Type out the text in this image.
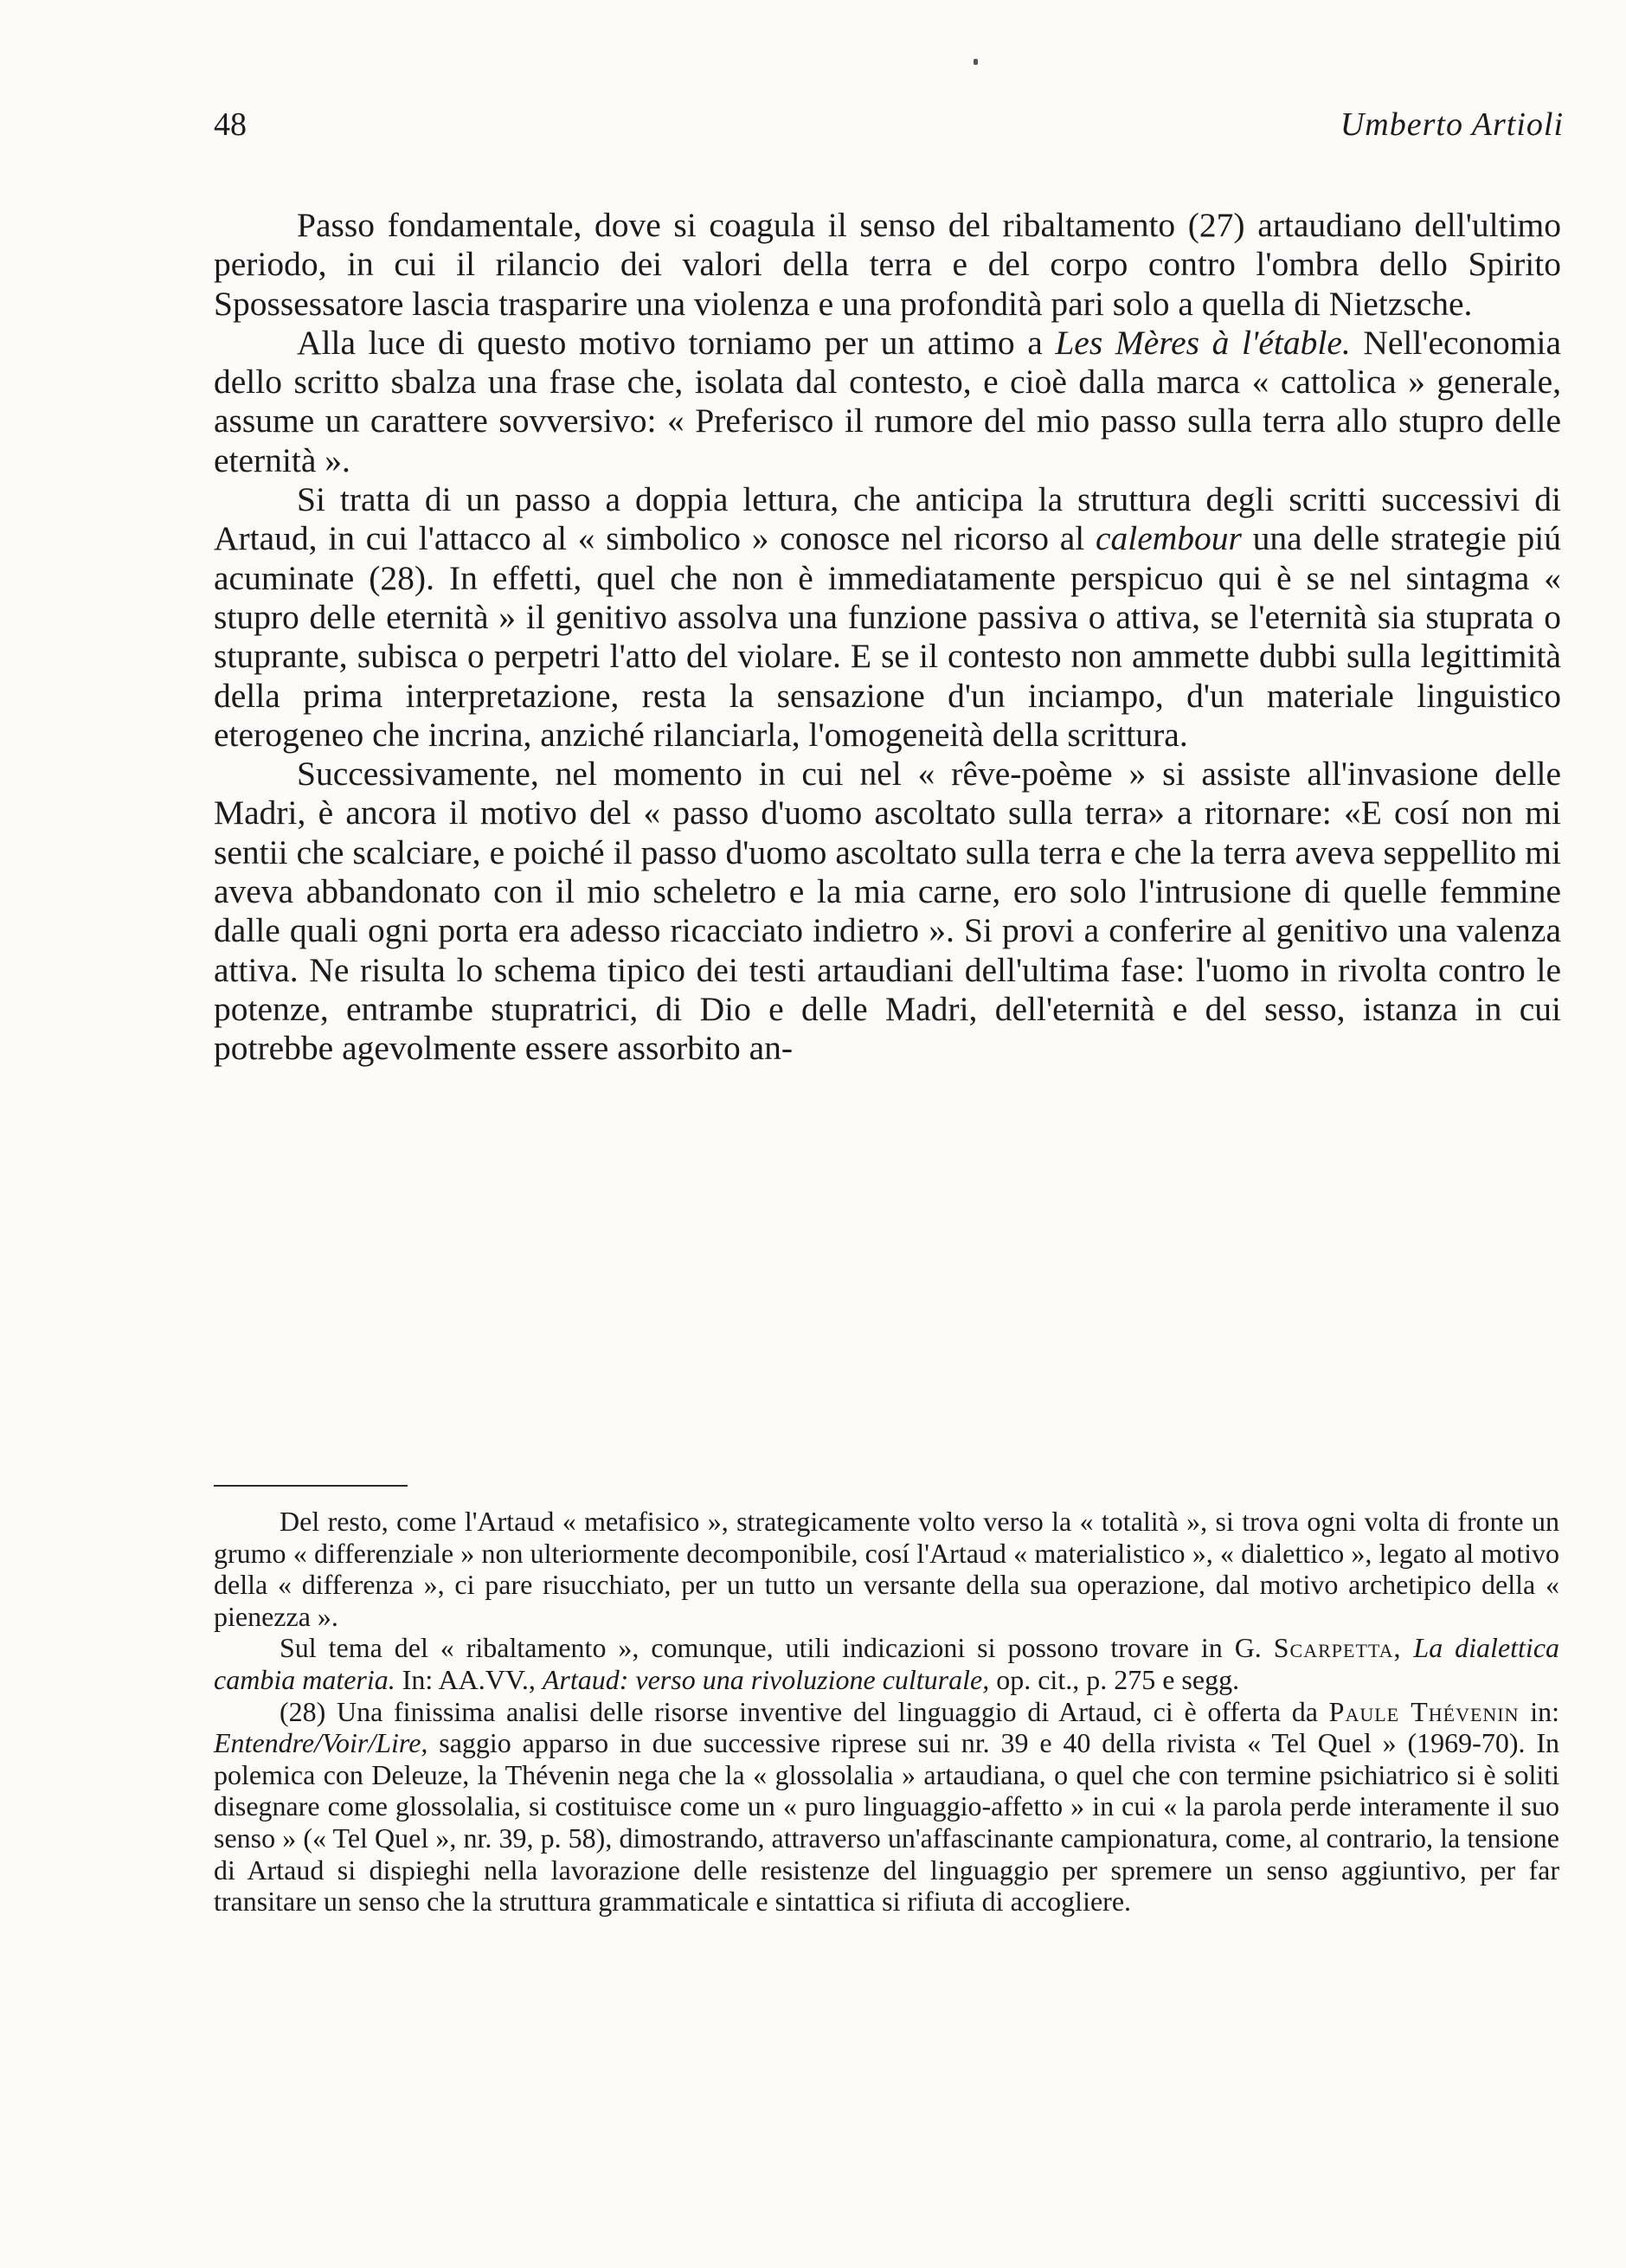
48	Umberto Artioli

Passo fondamentale, dove si coagula il senso del ribaltamento (27) artaudiano dell'ultimo periodo, in cui il rilancio dei valori della terra e del corpo contro l'ombra dello Spirito Spossessatore lascia trasparire una violenza e una profondità pari solo a quella di Nietzsche.

Alla luce di questo motivo torniamo per un attimo a Les Mères à l'étable. Nell'economia dello scritto sbalza una frase che, isolata dal contesto, e cioè dalla marca « cattolica » generale, assume un carattere sovversivo: « Preferisco il rumore del mio passo sulla terra allo stupro delle eternità ».

Si tratta di un passo a doppia lettura, che anticipa la struttura degli scritti successivi di Artaud, in cui l'attacco al « simbolico » conosce nel ricorso al calembour una delle strategie piú acuminate (28). In effetti, quel che non è immediatamente perspicuo qui è se nel sintagma « stupro delle eternità » il genitivo assolva una funzione passiva o attiva, se l'eternità sia stuprata o stuprante, subisca o perpetri l'atto del violare. E se il contesto non ammette dubbi sulla legittimità della prima interpretazione, resta la sensazione d'un inciampo, d'un materiale linguistico eterogeneo che incrina, anziché rilanciarla, l'omogeneità della scrittura.

Successivamente, nel momento in cui nel « rêve-poème » si assiste all'invasione delle Madri, è ancora il motivo del « passo d'uomo ascoltato sulla terra» a ritornare: «E cosí non mi sentii che scalciare, e poiché il passo d'uomo ascoltato sulla terra e che la terra aveva seppellito mi aveva abbandonato con il mio scheletro e la mia carne, ero solo l'intrusione di quelle femmine dalle quali ogni porta era adesso ricacciato indietro ». Si provi a conferire al genitivo una valenza attiva. Ne risulta lo schema tipico dei testi artaudiani dell'ultima fase: l'uomo in rivolta contro le potenze, entrambe stupratrici, di Dio e delle Madri, dell'eternità e del sesso, istanza in cui potrebbe agevolmente essere assorbito an-

Del resto, come l'Artaud « metafisico », strategicamente volto verso la « totalità », si trova ogni volta di fronte un grumo « differenziale » non ulteriormente decomponibile, cosí l'Artaud « materialistico », « dialettico », legato al motivo della « differenza », ci pare risucchiato, per un tutto un versante della sua operazione, dal motivo archetipico della « pienezza ».

Sul tema del « ribaltamento », comunque, utili indicazioni si possono trovare in G. Scarpetta, La dialettica cambia materia. In: AA.VV., Artaud: verso una rivoluzione culturale, op. cit., p. 275 e segg.

(28) Una finissima analisi delle risorse inventive del linguaggio di Artaud, ci è offerta da Paule Thévenin in: Entendre/Voir/Lire, saggio apparso in due successive riprese sui nr. 39 e 40 della rivista « Tel Quel » (1969-70). In polemica con Deleuze, la Thévenin nega che la « glossolalia » artaudiana, o quel che con termine psichiatrico si è soliti disegnare come glossolalia, si costituisce come un « puro linguaggio-affetto » in cui « la parola perde interamente il suo senso » (« Tel Quel », nr. 39, p. 58), dimostrando, attraverso un'affascinante campionatura, come, al contrario, la tensione di Artaud si dispieghi nella lavorazione delle resistenze del linguaggio per spremere un senso aggiuntivo, per far transitare un senso che la struttura grammaticale e sintattica si rifiuta di accogliere.
